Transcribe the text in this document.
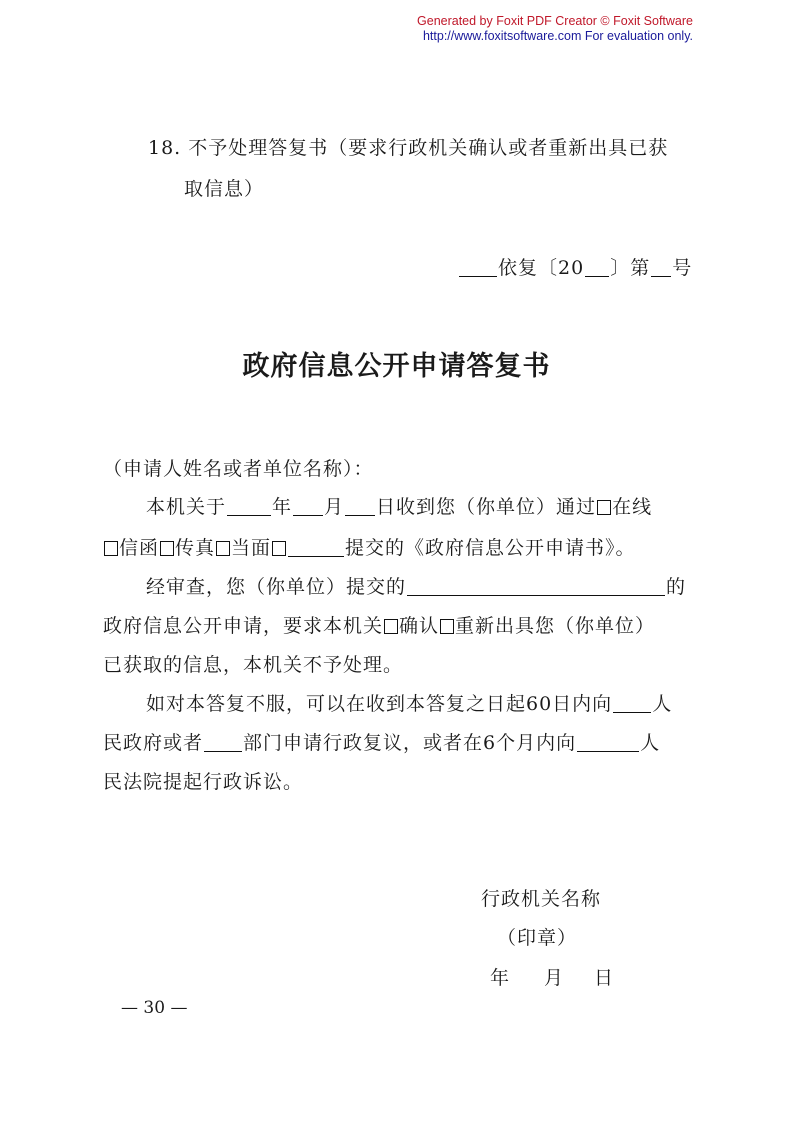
Generated by Foxit PDF Creator © Foxit Software
http://www.foxitsoftware.com For evaluation only.
18. 不予处理答复书（要求行政机关确认或者重新出具已获
取信息）
依复〔20 〕第 号
政府信息公开申请答复书
（申请人姓名或者单位名称）：
本机关于 年 月 日收到您（你单位）通过 在线
信函 传真 当面	提交的《政府信息公开申请书》。
经审查，您（你单位）提交的	的
政府信息公开申请，要求本机关 确认 重新出具您（你单位）
已获取的信息，本机关不予处理。
如对本答复不服，可以在收到本答复之日起60日内向 人
民政府或者 部门申请行政复议，或者在6个月内向	人
民法院提起行政诉讼。
行政机关名称
（印章）
年 月 日
— 30 —
